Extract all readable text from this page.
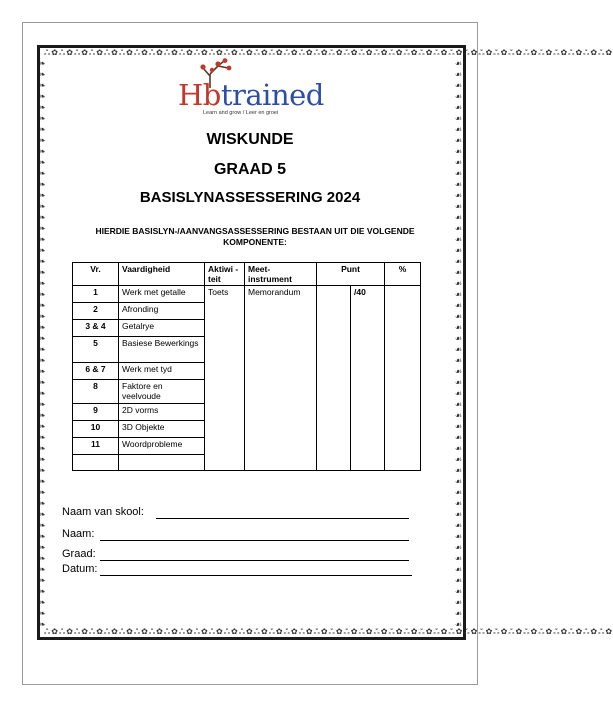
ஃ✿ஃ✿ஃ✿ஃ✿ஃ✿ஃ✿ஃ✿ஃ✿ஃ✿ஃ✿ஃ✿ஃ✿ஃ✿ஃ✿ஃ✿ஃ✿ஃ✿ஃ✿ஃ✿ஃ✿ஃ✿ஃ✿ஃ✿ஃ✿ஃ✿ஃ✿ஃ✿ஃ✿ஃ✿ஃ✿ஃ✿ஃ✿ஃ✿ஃ✿ஃ✿ஃ✿ஃ✿ஃ✿
ஃ✿ஃ✿ஃ✿ஃ✿ஃ✿ஃ✿ஃ✿ஃ✿ஃ✿ஃ✿ஃ✿ஃ✿ஃ✿ஃ✿ஃ✿ஃ✿ஃ✿ஃ✿ஃ✿ஃ✿ஃ✿ஃ✿ஃ✿ஃ✿ஃ✿ஃ✿ஃ✿ஃ✿ஃ✿ஃ✿ஃ✿ஃ✿ஃ✿ஃ✿ஃ✿ஃ✿ஃ✿ஃ✿
❧❧❧❧❧❧❧❧❧❧❧❧❧❧❧❧❧❧❧❧❧❧❧❧❧❧❧❧❧❧❧❧❧❧❧❧❧❧❧❧❧❧❧❧❧❧❧❧❧❧❧❧
☙☙☙☙☙☙☙☙☙☙☙☙☙☙☙☙☙☙☙☙☙☙☙☙☙☙☙☙☙☙☙☙☙☙☙☙☙☙☙☙☙☙☙☙☙☙☙☙☙☙☙☙
Hbtrained
Learn and grow / Leer en groei
WISKUNDE
GRAAD 5
BASISLYNASSESSERING 2024
HIERDIE BASISLYN-/AANVANGSASSESSERING BESTAAN UIT DIE VOLGENDE KOMPONENTE:
Vr.	Vaardigheid	Aktiwi -teit	Meet-instrument	Punt		%
1	Werk met getalle	Toets	Memorandum		/40	
2	Afronding					
3 & 4	Getalrye					
5	Basiese Bewerkings					
6 & 7	Werk met tyd					
8	Faktore en veelvoude					
9	2D vorms					
10	3D Objekte					
11	Woordprobleme					

Naam van skool:
Naam:
Graad:
Datum:
